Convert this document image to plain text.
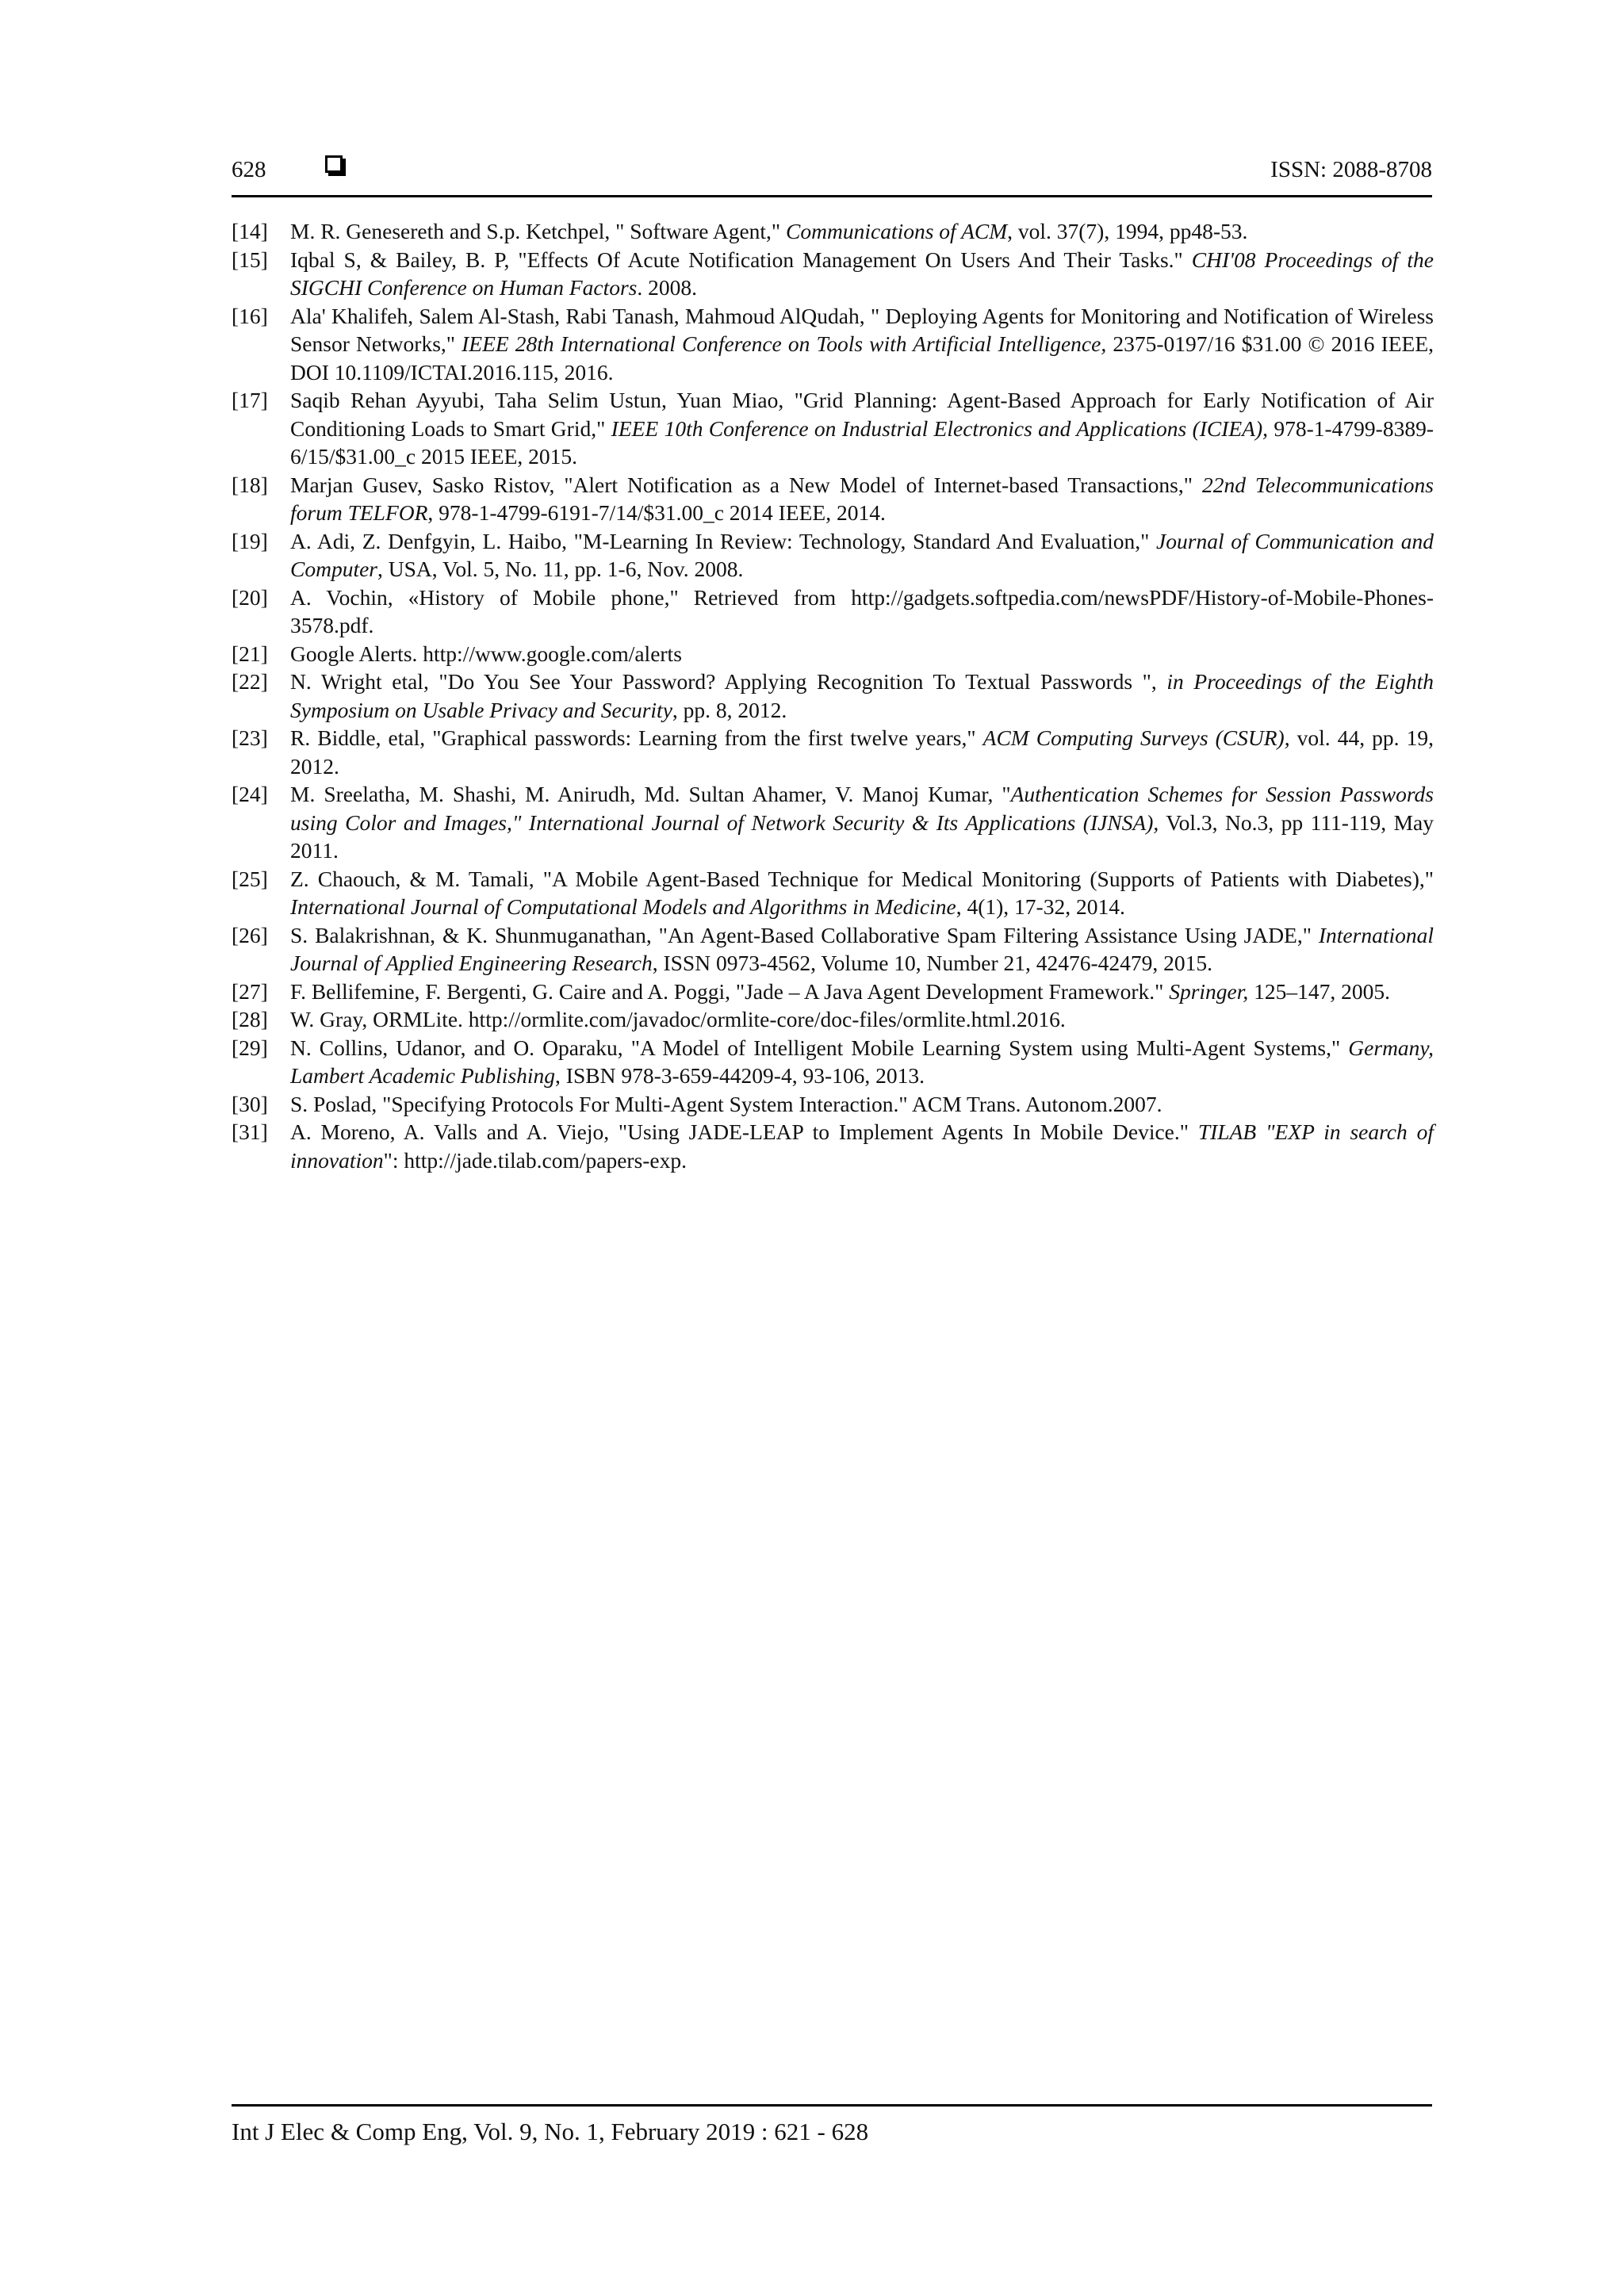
628	ISSN: 2088-8708
[14] M. R. Genesereth and S.p. Ketchpel, " Software Agent," Communications of ACM, vol. 37(7), 1994, pp48-53.
[15] Iqbal S, & Bailey, B. P, "Effects Of Acute Notification Management On Users And Their Tasks." CHI'08 Proceedings of the SIGCHI Conference on Human Factors. 2008.
[16] Ala' Khalifeh, Salem Al-Stash, Rabi Tanash, Mahmoud AlQudah, " Deploying Agents for Monitoring and Notification of Wireless Sensor Networks," IEEE 28th International Conference on Tools with Artificial Intelligence, 2375-0197/16 $31.00 © 2016 IEEE, DOI 10.1109/ICTAI.2016.115, 2016.
[17] Saqib Rehan Ayyubi, Taha Selim Ustun, Yuan Miao, "Grid Planning: Agent-Based Approach for Early Notification of Air Conditioning Loads to Smart Grid," IEEE 10th Conference on Industrial Electronics and Applications (ICIEA), 978-1-4799-8389-6/15/$31.00_c 2015 IEEE, 2015.
[18] Marjan Gusev, Sasko Ristov, "Alert Notification as a New Model of Internet-based Transactions," 22nd Telecommunications forum TELFOR, 978-1-4799-6191-7/14/$31.00_c 2014 IEEE, 2014.
[19] A. Adi, Z. Denfgyin, L. Haibo, "M-Learning In Review: Technology, Standard And Evaluation," Journal of Communication and Computer, USA, Vol. 5, No. 11, pp. 1-6, Nov. 2008.
[20] A. Vochin, «History of Mobile phone," Retrieved from http://gadgets.softpedia.com/newsPDF/History-of-Mobile-Phones-3578.pdf.
[21] Google Alerts. http://www.google.com/alerts
[22] N. Wright etal, "Do You See Your Password? Applying Recognition To Textual Passwords ", in Proceedings of the Eighth Symposium on Usable Privacy and Security, pp. 8, 2012.
[23] R. Biddle, etal, "Graphical passwords: Learning from the first twelve years," ACM Computing Surveys (CSUR), vol. 44, pp. 19, 2012.
[24] M. Sreelatha, M. Shashi, M. Anirudh, Md. Sultan Ahamer, V. Manoj Kumar, "Authentication Schemes for Session Passwords using Color and Images," International Journal of Network Security & Its Applications (IJNSA), Vol.3, No.3, pp 111-119, May 2011.
[25] Z. Chaouch, & M. Tamali, "A Mobile Agent-Based Technique for Medical Monitoring (Supports of Patients with Diabetes)," International Journal of Computational Models and Algorithms in Medicine, 4(1), 17-32, 2014.
[26] S. Balakrishnan, & K. Shunmuganathan, "An Agent-Based Collaborative Spam Filtering Assistance Using JADE," International Journal of Applied Engineering Research, ISSN 0973-4562, Volume 10, Number 21, 42476-42479, 2015.
[27] F. Bellifemine, F. Bergenti, G. Caire and A. Poggi, "Jade – A Java Agent Development Framework." Springer, 125–147, 2005.
[28] W. Gray, ORMLite. http://ormlite.com/javadoc/ormlite-core/doc-files/ormlite.html.2016.
[29] N. Collins, Udanor, and O. Oparaku, "A Model of Intelligent Mobile Learning System using Multi-Agent Systems," Germany, Lambert Academic Publishing, ISBN 978-3-659-44209-4, 93-106, 2013.
[30] S. Poslad, "Specifying Protocols For Multi-Agent System Interaction." ACM Trans. Autonom.2007.
[31] A. Moreno, A. Valls and A. Viejo, "Using JADE-LEAP to Implement Agents In Mobile Device." TILAB "EXP in search of innovation": http://jade.tilab.com/papers-exp.
Int J Elec & Comp Eng, Vol. 9, No. 1, February 2019 : 621 - 628
